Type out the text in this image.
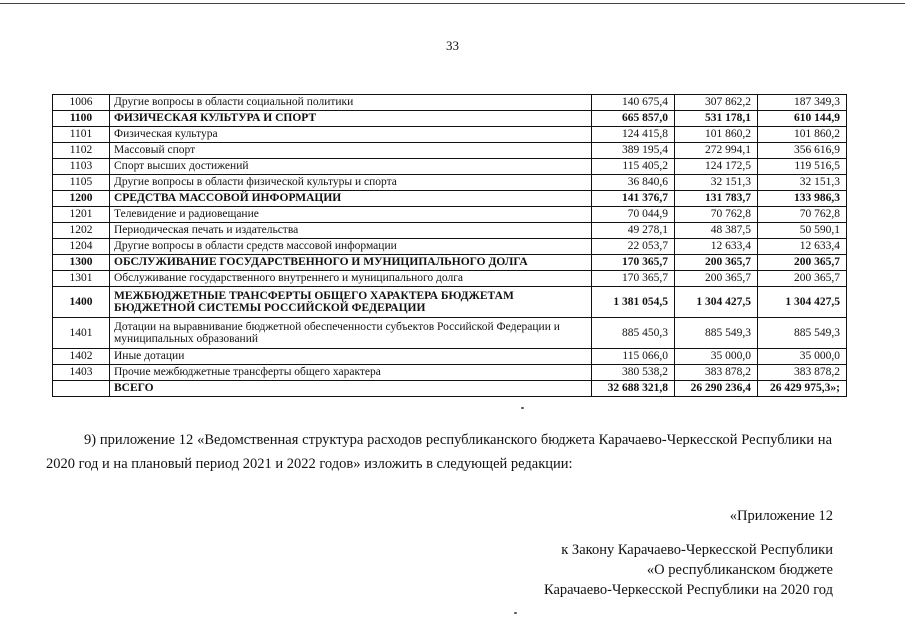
33
1006	Другие вопросы в области социальной политики	140 675,4	307 862,2	187 349,3
1100	ФИЗИЧЕСКАЯ КУЛЬТУРА И СПОРТ	665 857,0	531 178,1	610 144,9
1101	Физическая культура	124 415,8	101 860,2	101 860,2
1102	Массовый спорт	389 195,4	272 994,1	356 616,9
1103	Спорт высших достижений	115 405,2	124 172,5	119 516,5
1105	Другие вопросы в области физической культуры и спорта	36 840,6	32 151,3	32 151,3
1200	СРЕДСТВА МАССОВОЙ ИНФОРМАЦИИ	141 376,7	131 783,7	133 986,3
1201	Телевидение и радиовещание	70 044,9	70 762,8	70 762,8
1202	Периодическая печать и издательства	49 278,1	48 387,5	50 590,1
1204	Другие вопросы в области средств массовой информации	22 053,7	12 633,4	12 633,4
1300	ОБСЛУЖИВАНИЕ ГОСУДАРСТВЕННОГО И МУНИЦИПАЛЬНОГО ДОЛГА	170 365,7	200 365,7	200 365,7
1301	Обслуживание государственного внутреннего и муниципального долга	170 365,7	200 365,7	200 365,7
1400	МЕЖБЮДЖЕТНЫЕ ТРАНСФЕРТЫ ОБЩЕГО ХАРАКТЕРА БЮДЖЕТАМ БЮДЖЕТНОЙ СИСТЕМЫ РОССИЙСКОЙ ФЕДЕРАЦИИ	1 381 054,5	1 304 427,5	1 304 427,5
1401	Дотации на выравнивание бюджетной обеспеченности субъектов Российской Федерации и муниципальных образований	885 450,3	885 549,3	885 549,3
1402	Иные дотации	115 066,0	35 000,0	35 000,0
1403	Прочие межбюджетные трансферты общего характера	380 538,2	383 878,2	383 878,2
	ВСЕГО	32 688 321,8	26 290 236,4	26 429 975,3»;
9) приложение 12 «Ведомственная структура расходов республиканского бюджета Карачаево-Черкесской Республики на 2020 год и на плановый период 2021 и 2022 годов» изложить в следующей редакции:
«Приложение 12
к Закону Карачаево-Черкесской Республики
«О республиканском бюджете
Карачаево-Черкесской Республики на 2020 год
